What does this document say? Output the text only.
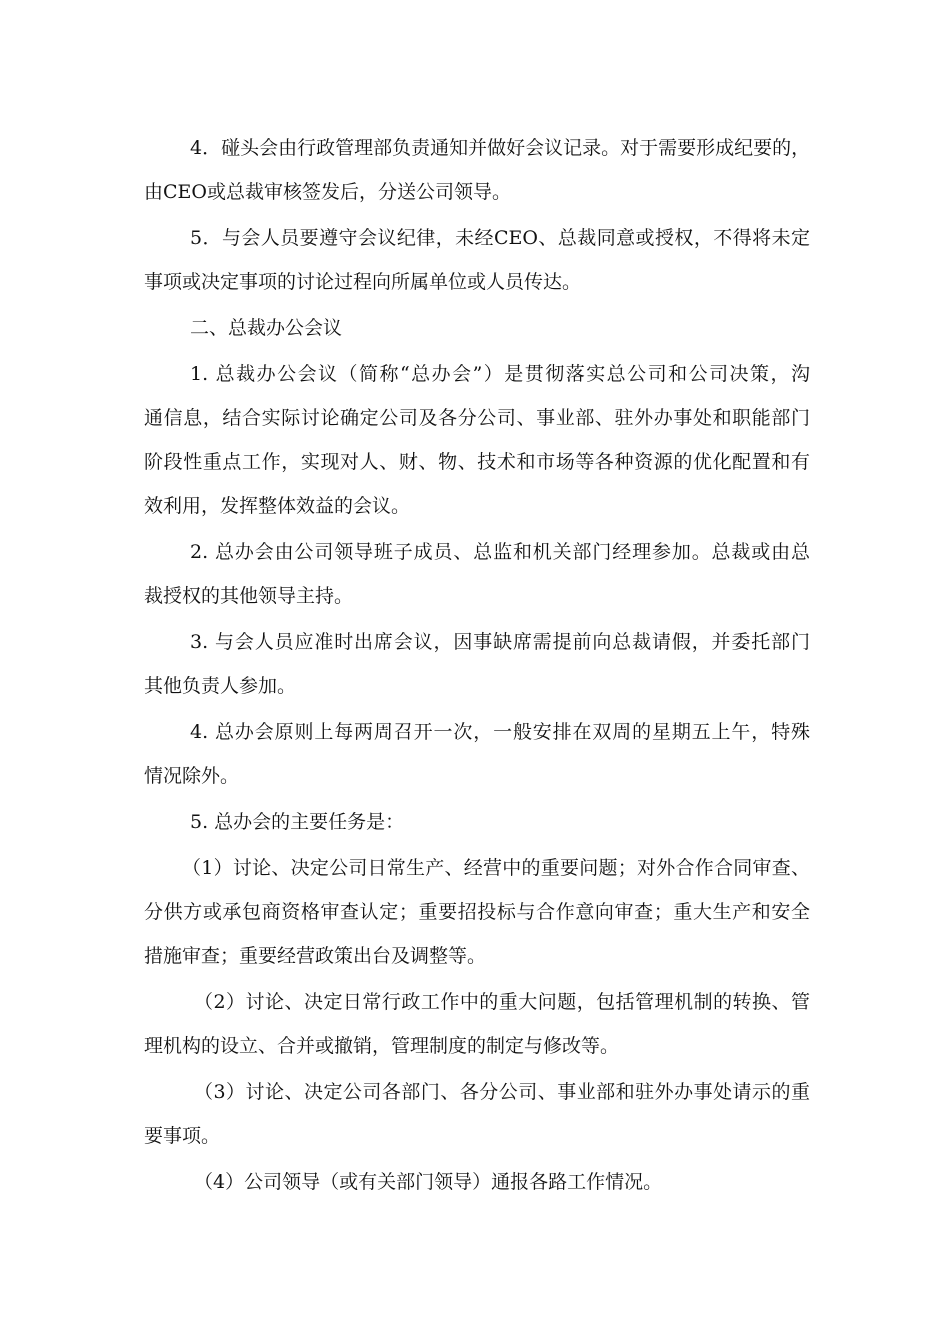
4．碰头会由行政管理部负责通知并做好会议记录。对于需要形成纪要的，
由CEO或总裁审核签发后，分送公司领导。
5．与会人员要遵守会议纪律，未经CEO、总裁同意或授权，不得将未定
事项或决定事项的讨论过程向所属单位或人员传达。
二、总裁办公会议
1. 总裁办公会议（简称“总办会”）是贯彻落实总公司和公司决策，沟
通信息，结合实际讨论确定公司及各分公司、事业部、驻外办事处和职能部门
阶段性重点工作，实现对人、财、物、技术和市场等各种资源的优化配置和有
效利用，发挥整体效益的会议。
2. 总办会由公司领导班子成员、总监和机关部门经理参加。总裁或由总
裁授权的其他领导主持。
3. 与会人员应准时出席会议，因事缺席需提前向总裁请假，并委托部门
其他负责人参加。
4. 总办会原则上每两周召开一次，一般安排在双周的星期五上午，特殊
情况除外。
5. 总办会的主要任务是：
（1）讨论、决定公司日常生产、经营中的重要问题；对外合作合同审查、
分供方或承包商资格审查认定；重要招投标与合作意向审查；重大生产和安全
措施审查；重要经营政策出台及调整等。
（2）讨论、决定日常行政工作中的重大问题，包括管理机制的转换、管
理机构的设立、合并或撤销，管理制度的制定与修改等。
（3）讨论、决定公司各部门、各分公司、事业部和驻外办事处请示的重
要事项。
（4）公司领导（或有关部门领导）通报各路工作情况。
